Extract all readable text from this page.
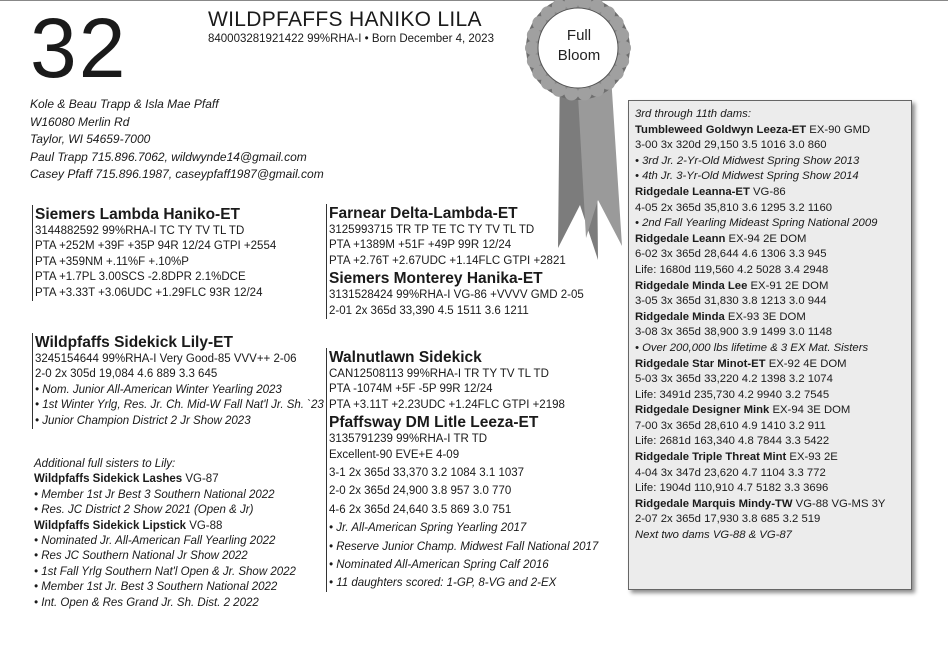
32	WILDPFAFFS HANIKO LILA
840003281921422 99%RHA-I • Born December 4, 2023
Kole & Beau Trapp & Isla Mae Pfaff
W16080 Merlin Rd
Taylor, WI 54659-7000
Paul Trapp 715.896.7062, wildwynde14@gmail.com
Casey Pfaff 715.896.1987, caseypfaff1987@gmail.com
Full
Bloom
Siemers Lambda Haniko-ET
3144882592 99%RHA-I TC TY TV TL TD
PTA +252M +39F +35P 94R 12/24 GTPI +2554
PTA +359NM +.11%F +.10%P
PTA +1.7PL 3.00SCS -2.8DPR 2.1%DCE
PTA +3.33T +3.06UDC +1.29FLC 93R 12/24
Wildpfaffs Sidekick Lily-ET
3245154644 99%RHA-I Very Good-85 VVV++ 2-06
2-0 2x 305d 19,084 4.6 889 3.3 645
• Nom. Junior All-American Winter Yearling 2023
• 1st Winter Yrlg, Res. Jr. Ch. Mid-W Fall Nat'l Jr. Sh. `23
• Junior Champion District 2 Jr Show 2023
Additional full sisters to Lily:
Wildpfaffs Sidekick Lashes VG-87
• Member 1st Jr Best 3 Southern National 2022
• Res. JC District 2 Show 2021 (Open & Jr)
Wildpfaffs Sidekick Lipstick VG-88
• Nominated Jr. All-American Fall Yearling 2022
• Res JC Southern National Jr Show 2022
• 1st Fall Yrlg Southern Nat'l Open & Jr. Show 2022
• Member 1st Jr. Best 3 Southern National 2022
• Int. Open & Res Grand Jr. Sh. Dist. 2 2022
Farnear Delta-Lambda-ET
3125993715 TR TP TE TC TY TV TL TD
PTA +1389M +51F +49P 99R 12/24
PTA +2.76T +2.67UDC +1.14FLC GTPI +2821
Siemers Monterey Hanika-ET
3131528424 99%RHA-I VG-86 +VVVV GMD 2-05
2-01 2x 365d 33,390 4.5 1511 3.6 1211
Walnutlawn Sidekick
CAN12508113 99%RHA-I TR TY TV TL TD
PTA -1074M +5F -5P 99R 12/24
PTA +3.11T +2.23UDC +1.24FLC GTPI +2198
Pfaffsway DM Litle Leeza-ET
3135791239 99%RHA-I TR TD
Excellent-90 EVE+E 4-09
3-1 2x 365d 33,370 3.2 1084 3.1 1037
2-0 2x 365d 24,900 3.8 957 3.0 770
4-6 2x 365d 24,640 3.5 869 3.0 751
• Jr. All-American Spring Yearling 2017
• Reserve Junior Champ. Midwest Fall National 2017
• Nominated All-American Spring Calf 2016
• 11 daughters scored: 1-GP, 8-VG and 2-EX
3rd through 11th dams:
Tumbleweed Goldwyn Leeza-ET EX-90 GMD
3-00 3x 320d 29,150 3.5 1016 3.0 860
• 3rd Jr. 2-Yr-Old Midwest Spring Show 2013
• 4th Jr. 3-Yr-Old Midwest Spring Show 2014
Ridgedale Leanna-ET VG-86
4-05 2x 365d 35,810 3.6 1295 3.2 1160
• 2nd Fall Yearling Mideast Spring National 2009
Ridgedale Leann EX-94 2E DOM
6-02 3x 365d 28,644 4.6 1306 3.3 945
Life: 1680d 119,560 4.2 5028 3.4 2948
Ridgedale Minda Lee EX-91 2E DOM
3-05 3x 365d 31,830 3.8 1213 3.0 944
Ridgedale Minda EX-93 3E DOM
3-08 3x 365d 38,900 3.9 1499 3.0 1148
• Over 200,000 lbs lifetime & 3 EX Mat. Sisters
Ridgedale Star Minot-ET EX-92 4E DOM
5-03 3x 365d 33,220 4.2 1398 3.2 1074
Life: 3491d 235,730 4.2 9940 3.2 7545
Ridgedale Designer Mink EX-94 3E DOM
7-00 3x 365d 28,610 4.9 1410 3.2 911
Life: 2681d 163,340 4.8 7844 3.3 5422
Ridgedale Triple Threat Mint EX-93 2E
4-04 3x 347d 23,620 4.7 1104 3.3 772
Life: 1904d 110,910 4.7 5182 3.3 3696
Ridgedale Marquis Mindy-TW VG-88 VG-MS 3Y
2-07 2x 365d 17,930 3.8 685 3.2 519
Next two dams VG-88 & VG-87
